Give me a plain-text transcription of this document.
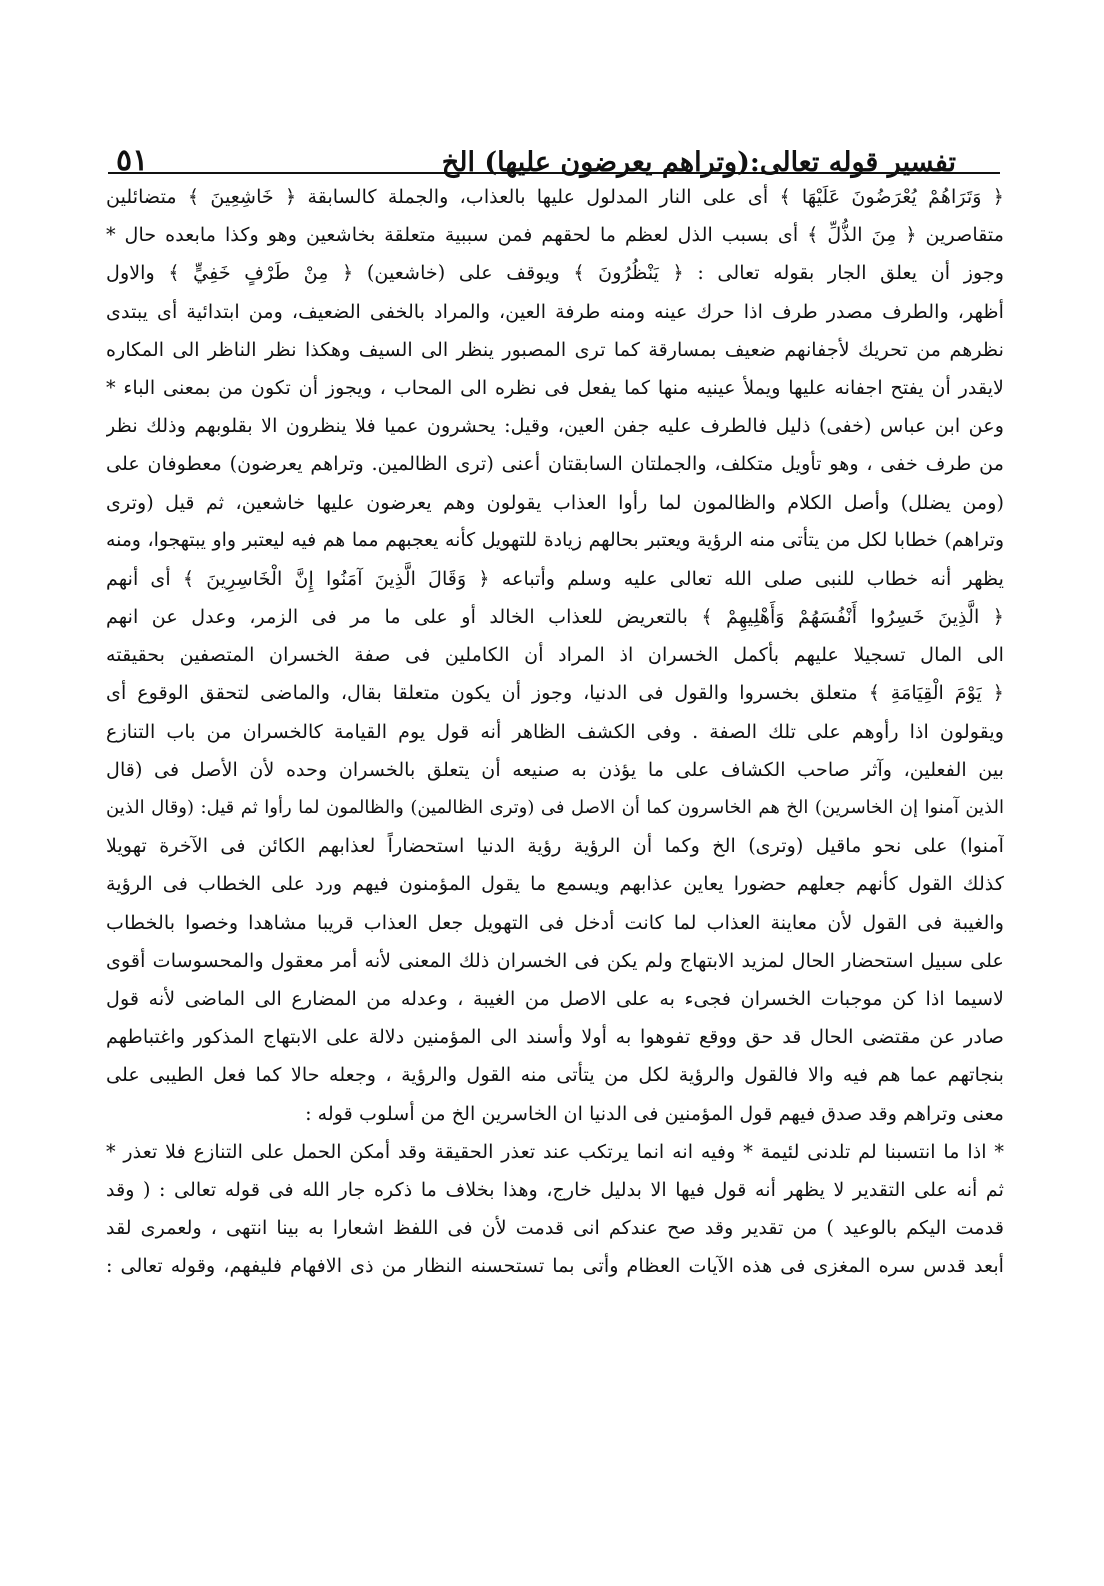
تفسير قوله تعالى:(وتراهم يعرضون عليها) الخ
٥١
﴿ وَتَرَاهُمْ يُعْرَضُونَ عَلَيْهَا ﴾ أى على النار المدلول عليها بالعذاب، والجملة كالسابقة ﴿ خَاشِعِينَ ﴾ متضائلين
متقاصرين ﴿ مِنَ الذُّلِّ ﴾ أى بسبب الذل لعظم ما لحقهم فمن سببية متعلقة بخاشعين وهو وكذا مابعده حال *
وجوز أن يعلق الجار بقوله تعالى : ﴿ يَنْظُرُونَ ﴾ ويوقف على (خاشعين) ﴿ مِنْ طَرْفٍ خَفِيٍّ ﴾ والاول
أظهر، والطرف مصدر طرف اذا حرك عينه ومنه طرفة العين، والمراد بالخفى الضعيف، ومن ابتدائية أى يبتدى
نظرهم من تحريك لأجفانهم ضعيف بمسارقة كما ترى المصبور ينظر الى السيف وهكذا نظر الناظر الى المكاره
لايقدر أن يفتح اجفانه عليها ويملأ عينيه منها كما يفعل فى نظره الى المحاب ، ويجوز أن تكون من بمعنى الباء *
وعن ابن عباس (خفى) ذليل فالطرف عليه جفن العين، وقيل: يحشرون عميا فلا ينظرون الا بقلوبهم وذلك نظر
من طرف خفى ، وهو تأويل متكلف، والجملتان السابقتان أعنى (ترى الظالمين. وتراهم يعرضون) معطوفان على
(ومن يضلل) وأصل الكلام والظالمون لما رأوا العذاب يقولون وهم يعرضون عليها خاشعين، ثم قيل (وترى
وتراهم) خطابا لكل من يتأتى منه الرؤية ويعتبر بحالهم زيادة للتهويل كأنه يعجبهم مما هم فيه ليعتبر واو يبتهجوا، ومنه
يظهر أنه خطاب للنبى صلى الله تعالى عليه وسلم وأتباعه ﴿ وَقَالَ الَّذِينَ آمَنُوا إِنَّ الْخَاسِرِينَ ﴾ أى أنهم
﴿ الَّذِينَ خَسِرُوا أَنْفُسَهُمْ وَأَهْلِيهِمْ ﴾ بالتعريض للعذاب الخالد أو على ما مر فى الزمر، وعدل عن انهم
الى المال تسجيلا عليهم بأكمل الخسران اذ المراد أن الكاملين فى صفة الخسران المتصفين بحقيقته
﴿ يَوْمَ الْقِيَامَةِ ﴾ متعلق بخسروا والقول فى الدنيا، وجوز أن يكون متعلقا بقال، والماضى لتحقق الوقوع أى
ويقولون اذا رأوهم على تلك الصفة . وفى الكشف الظاهر أنه قول يوم القيامة كالخسران من باب التنازع
بين الفعلين، وآثر صاحب الكشاف على ما يؤذن به صنيعه أن يتعلق بالخسران وحده لأن الأصل فى (قال
الذين آمنوا إن الخاسرين) الخ هم الخاسرون كما أن الاصل فى (وترى الظالمين) والظالمون لما رأوا ثم قيل: (وقال الذين
آمنوا) على نحو ماقيل (وترى) الخ وكما أن الرؤية رؤية الدنيا استحضاراً لعذابهم الكائن فى الآخرة تهويلا
كذلك القول كأنهم جعلهم حضورا يعاين عذابهم ويسمع ما يقول المؤمنون فيهم ورد على الخطاب فى الرؤية
والغيبة فى القول لأن معاينة العذاب لما كانت أدخل فى التهويل جعل العذاب قريبا مشاهدا وخصوا بالخطاب
على سبيل استحضار الحال لمزيد الابتهاج ولم يكن فى الخسران ذلك المعنى لأنه أمر معقول والمحسوسات أقوى
لاسيما اذا كن موجبات الخسران فجىء به على الاصل من الغيبة ، وعدله من المضارع الى الماضى لأنه قول
صادر عن مقتضى الحال قد حق ووقع تفوهوا به أولا وأسند الى المؤمنين دلالة على الابتهاج المذكور واغتباطهم
بنجاتهم عما هم فيه والا فالقول والرؤية لكل من يتأتى منه القول والرؤية ، وجعله حالا كما فعل الطيبى على
معنى وتراهم وقد صدق فيهم قول المؤمنين فى الدنيا ان الخاسرين الخ من أسلوب قوله :
* اذا ما انتسبنا لم تلدنى لئيمة * وفيه انه انما يرتكب عند تعذر الحقيقة وقد أمكن الحمل على التنازع فلا تعذر *
ثم أنه على التقدير لا يظهر أنه قول فيها الا بدليل خارج، وهذا بخلاف ما ذكره جار الله فى قوله تعالى : ( وقد
قدمت اليكم بالوعيد ) من تقدير وقد صح عندكم انى قدمت لأن فى اللفظ اشعارا به بينا انتهى ، ولعمرى لقد
أبعد قدس سره المغزى فى هذه الآيات العظام وأتى بما تستحسنه النظار من ذى الافهام فليفهم، وقوله تعالى :
